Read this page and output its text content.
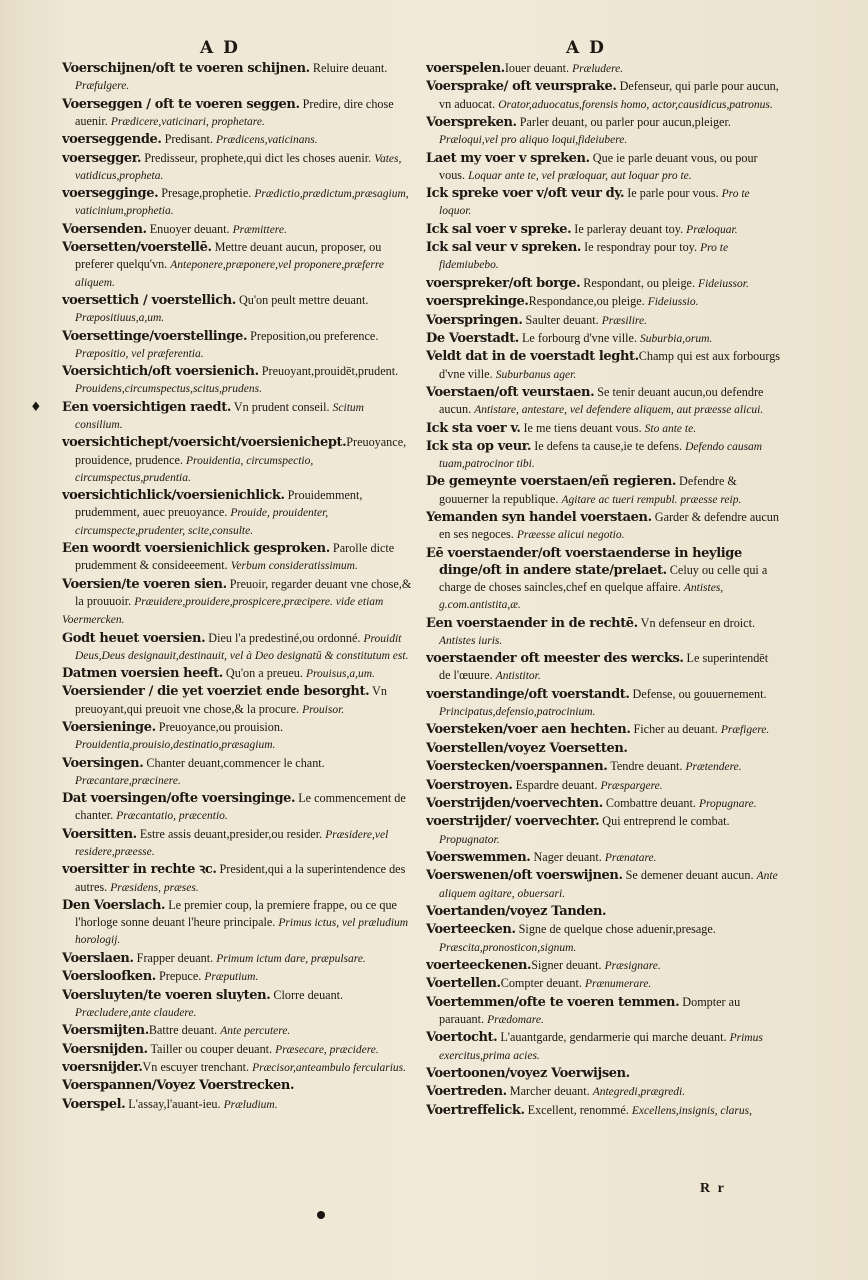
A D	A D
♦

Voerschijnen/oft te voeren schijnen. Reluire deuant. Præfulgere.

Voerseggen / oft te voeren seggen. Predire, dire chose auenir. Prædicere,vaticinari, prophetare.

voerseggende. Predisant. Prædicens,vaticinans.

voersegger. Predisseur, prophete,qui dict les choses auenir. Vates, vatidicus,propheta.

voersegginge. Presage,prophetie. Prædictio,prædictum,præsagium, vaticinium,prophetia.

Voersenden. Enuoyer deuant. Præmittere.

Voersetten/voerstellē. Mettre deuant aucun, proposer, ou preferer quelqu'vn. Anteponere,præponere,vel proponere,præferre aliquem.

voersettich / voerstellich. Qu'on peult mettre deuant. Præpositiuus,a,um.

Voersettinge/voerstellinge. Preposition,ou preference. Præpositio, vel præferentia.

Voersichtich/oft voersienich. Preuoyant,prouidēt,prudent. Prouidens,circumspectus,scitus,prudens.

Een voersichtigen raedt. Vn prudent conseil. Scitum consilium.

voersichtichept/voersicht/voersienichept.Preuoyance, prouidence, prudence. Prouidentia, circumspectio, circumspectus,prudentia.

voersichtichlick/voersienichlick. Prouidemment, prudemment, auec preuoyance. Prouide, prouidenter, circumspecte,prudenter, scite,consulte.

Een woordt voersienichlick gesproken. Parolle dicte prudemment & consideeement. Verbum consideratissimum.

Voersien/te voeren sien. Preuoir, regarder deuant vne chose,& la prouuoir. Præuidere,prouidere,prospicere,præcipere. vide etiam

Voermercken.

Godt heuet voersien. Dieu l'a predestiné,ou ordonné. Prouidit Deus,Deus designauit,destinauit, vel à Deo designatū & constitutum est.

Datmen voersien heeft. Qu'on a preueu. Prouisus,a,um.

Voersiender / die yet voerziet ende besorght. Vn preuoyant,qui preuoit vne chose,& la procure. Prouisor.

Voersieninge. Preuoyance,ou prouision. Prouidentia,prouisio,destinatio,præsagium.

Voersingen. Chanter deuant,commencer le chant. Præcantare,præcinere.

Dat voersingen/ofte voersinginge. Le commencement de chanter. Præcantatio, præcentio.

Voersitten. Estre assis deuant,presider,ou resider. Præsidere,vel residere,præesse.

voersitter in rechte ꝛc. President,qui a la superintendence des autres. Præsidens, præses.

Den Voerslach. Le premier coup, la premiere frappe, ou ce que l'horloge sonne deuant l'heure principale. Primus ictus, vel præludium horologij.

Voerslaen. Frapper deuant. Primum ictum dare, præpulsare.

Voersloofken. Prepuce. Præputium.

Voersluyten/te voeren sluyten. Clorre deuant. Præcludere,ante claudere.

Voersmijten.Battre deuant. Ante percutere.

Voersnijden. Tailler ou couper deuant. Præsecare, præcidere.

voersnijder.Vn escuyer trenchant. Præcisor,anteambulo fercularius.

Voerspannen/Voyez Voerstrecken.

Voerspel. L'assay,l'auant-ieu. Præludium.

voerspelen.Iouer deuant. Præludere.

Voersprake/ oft veursprake. Defenseur, qui parle pour aucun, vn aduocat. Orator,aduocatus,forensis homo, actor,causidicus,patronus.

Voerspreken. Parler deuant, ou parler pour aucun,pleiger. Præloqui,vel pro aliquo loqui,fideiubere.

Laet my voer v spreken. Que ie parle deuant vous, ou pour vous. Loquar ante te, vel præloquar, aut loquar pro te.

Ick spreke voer v/oft veur dy. Ie parle pour vous. Pro te loquor.

Ick sal voer v spreke. Ie parleray deuant toy. Præloquar.

Ick sal veur v spreken. Ie respondray pour toy. Pro te fidemiubebo.

voerspreker/oft borge. Respondant, ou pleige. Fideiussor.

voersprekinge.Respondance,ou pleige. Fideiussio.

Voerspringen. Saulter deuant. Præsilire.

De Voerstadt. Le forbourg d'vne ville. Suburbia,orum.

Veldt dat in de voerstadt leght.Champ qui est aux forbourgs d'vne ville. Suburbanus ager.

Voerstaen/oft veurstaen. Se tenir deuant aucun,ou defendre aucun. Antistare, antestare, vel defendere aliquem, aut præesse alicui.

Ick sta voer v. Ie me tiens deuant vous. Sto ante te.

Ick sta op veur. Ie defens ta cause,ie te defens. Defendo causam tuam,patrocinor tibi.

De gemeynte voerstaen/eñ regieren. Defendre & gouuerner la republique. Agitare ac tueri rempubl. præesse reip.

Yemanden syn handel voerstaen. Garder & defendre aucun en ses negoces. Præesse alicui negotio.

Eē voerstaender/oft voerstaenderse in heylige dinge/oft in andere state/prelaet. Celuy ou celle qui a charge de choses saincles,chef en quelque affaire. Antistes, g.com.antistita,æ.

Een voerstaender in de rechtē. Vn defenseur en droict. Antistes iuris.

voerstaender oft meester des wercks. Le superintendēt de l'œuure. Antistitor.

voerstandinge/oft voerstandt. Defense, ou gouuernement. Principatus,defensio,patrocinium.

Voersteken/voer aen hechten. Ficher au deuant. Præfigere.

Voerstellen/voyez Voersetten.

Voerstecken/voerspannen. Tendre deuant. Prætendere.

Voerstroyen. Espardre deuant. Præspargere.

Voerstrijden/voervechten. Combattre deuant. Propugnare.

voerstrijder/ voervechter. Qui entreprend le combat. Propugnator.

Voerswemmen. Nager deuant. Prænatare.

Voerswenen/oft voerswijnen. Se demener deuant aucun. Ante aliquem agitare, obuersari.

Voertanden/voyez Tanden.

Voerteecken. Signe de quelque chose aduenir,presage. Præscita,pronosticon,signum.

voerteeckenen.Signer deuant. Præsignare.

Voertellen.Compter deuant. Prænumerare.

Voertemmen/ofte te voeren temmen. Dompter au parauant. Prædomare.

Voertocht. L'auantgarde, gendarmerie qui marche deuant. Primus exercitus,prima acies.

Voertoonen/voyez Voerwijsen.

Voertreden. Marcher deuant. Antegredi,prægredi.

Voertreffelick. Excellent, renommé. Excellens,insignis, clarus,

R r
